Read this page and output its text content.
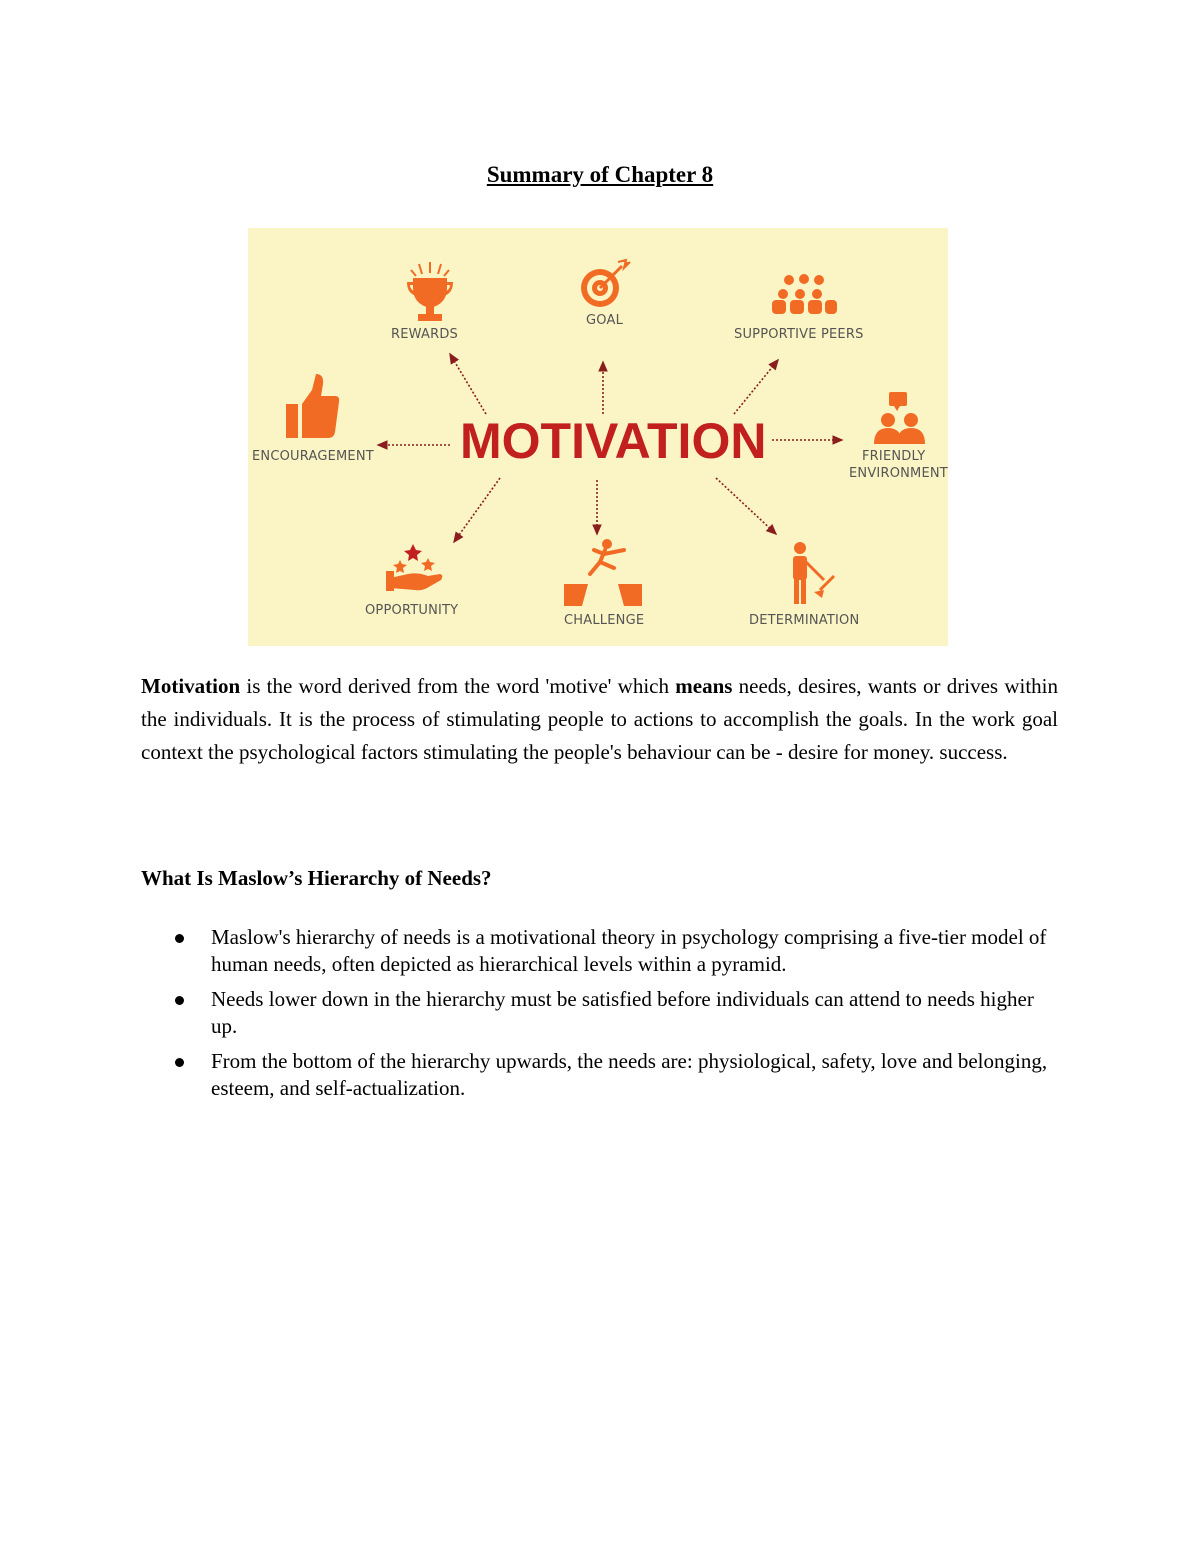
Summary of Chapter 8
MOTIVATION
REWARDS
GOAL
SUPPORTIVE PEERS
ENCOURAGEMENT	FRIENDLY
ENVIRONMENT
OPPORTUNITY
CHALLENGE	DETERMINATION

Motivation is the word derived from the word 'motive' which means needs, desires, wants or drives within the individuals. It is the process of stimulating people to actions to accomplish the goals. In the work goal context the psychological factors stimulating the people's behaviour can be - desire for money. success.

What Is Maslow’s Hierarchy of Needs?
Maslow's hierarchy of needs is a motivational theory in psychology comprising a five-tier model of human needs, often depicted as hierarchical levels within a pyramid.
Needs lower down in the hierarchy must be satisfied before individuals can attend to needs higher up.
From the bottom of the hierarchy upwards, the needs are: physiological, safety, love and belonging, esteem, and self-actualization.
